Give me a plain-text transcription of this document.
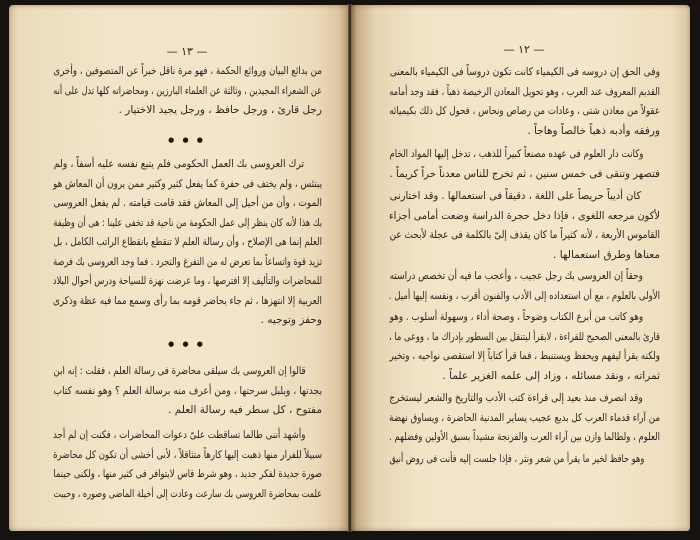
— ١٣ —
من بدائع البيان وروائع الحكمة ، فهو مرة ناقل خبراً عن المتصوفين ، وأخرى
عن الشعراء المجيدين ، وثالثة عن العلماء البارزين ، ومحاضراته كلها تدل على أنه
رجل قارئ ، ورجل حافظ ، ورجل يجيد الاختيار .
● ● ●
ترك العروسى بك العمل الحكومى فلم يتبع نفسه عليه أسفاً ، ولم
يبتئس ، ولم يختف فى حفرة كما يفعل كثير وكثير ممن يرون أن المعاش هو
الموت ، وأن من أحيل إلى المعاش فقد قامت قيامته . لم يفعل العروسى
بك هذا لأنه كان ينظر إلى عمل الحكومة من ناحية قد تخفى علينا : هى أن وظيفة
العلم إنما هى الإصلاح ، وأن رسالة العلم لا تنقطع بانقطاع الراتب الكامل ، بل
تزيد قوة واتساعاً بما تعرض له من التفرغ والتجرد . فما وجد العروسى بك فرصة
للمحاضرات والتأليف إلا افترصها ، وما عرضت نهزة للسياحة ودرس أحوال البلاد
العربية إلا انتهزها ، ثم جاء يحاضر قومه بما رأى وسمع مما فيه عظة وذكرى
وحفز وتوجيه .
● ● ●
قالوا إن العروسى بك سيلقى محاضرة فى رسالة العلم ، فقلت : إنه ابن
بجدتها ، وبلبل سرحتها ، ومن أعرف منه برسالة العلم ؟ وهو نفسه كتاب
مفتوح ، كل سطر فيه رسالة العلم .
وأشهد أننى طالما تساقطت علىّ دعوات المحاضرات ، فكنت إن لم أجد
سبيلاً للفرار منها ذهبت إليها كارهاً متثاقلاً ، لأنى أخشى أن تكون كل محاضرة
صورة جديدة لفكر جديد ، وهو شرط قاس لايتوافر فى كثير منها ، ولكنى حينما
علمت بمحاضرة العروسى بك سارعت وعادت إلى أخيلة الماضى وصوره ، وحببت
— ١٢ —
وفى الحق إن دروسه فى الكيمياء كانت تكون دروساً فى الكيمياء بالمعنى
القديم المعروف عند العرب ، وهو تحويل المعادن الرخيصة ذهباً ، فقد وجد أمامه
عقولاً من معادن شتى ، وعادات من رصاص ونحاس ، فحول كل ذلك بكيميائه
ورفقه وأدبه ذهباً خالصاً وهاجاً .
وكانت دار العلوم فى عهده مصنعاً كبيراً للذهب ، تدخل إليها المواد الخام
فتصهر وتنقى فى خمس سنين ، ثم تخرج للناس معدناً حراً كريماً .
كان أديباً حريصاً على اللغة ، دقيقاً فى استعمالها . وقد اختارنى
لأكون مرجعه اللغوى ، فإذا دخل حجرة الدراسة وضعت أمامى أجزاء
القاموس الأربعة ، لأنه كثيراً ما كان يقذف إلىّ بالكلمة فى عجلة لأبحث عن
معناها وطرق استعمالها .
وحقاً إن العروسى بك رجل عجيب ، وأعجب ما فيه أن تخصص دراسته
الأولى بالعلوم ، مع أن استعداده إلى الأدب والفنون أقرب ، ونفسه إليها أميل .
وهو كاتب من أبرع الكتاب وضوحاً ، وصحة أداء ، وسهولة أسلوب . وهو
قارئ بالمعنى الصحيح للقراءة ، لايقرأ ليتنقل بين السطور بإدراك ما ، ووعى ما ،
ولكنه يقرأ ليفهم ويحفظ ويستنبط ، فما قرأ كتاباً إلا استقصى نواحيه ، وتخير
ثمراته ، ونقد مسائله ، وزاد إلى علمه الغزير علماً .
وقد انصرف منذ بعيد إلى قراءة كتب الأدب والتاريخ والشعر ليستخرج
من آراء قدماء العرب كل بديع عجيب يساير المدنية الحاضرة ، ويساوق نهضة
العلوم ، ولطالما وازن بين آراء العرب والفرنجة مشيداً بسبق الأولين وفضلهم .
وهو حافظ لخير ما يقرأ من شعر ونثر ، فإذا جلست إليه فأنت فى روض أنيق
